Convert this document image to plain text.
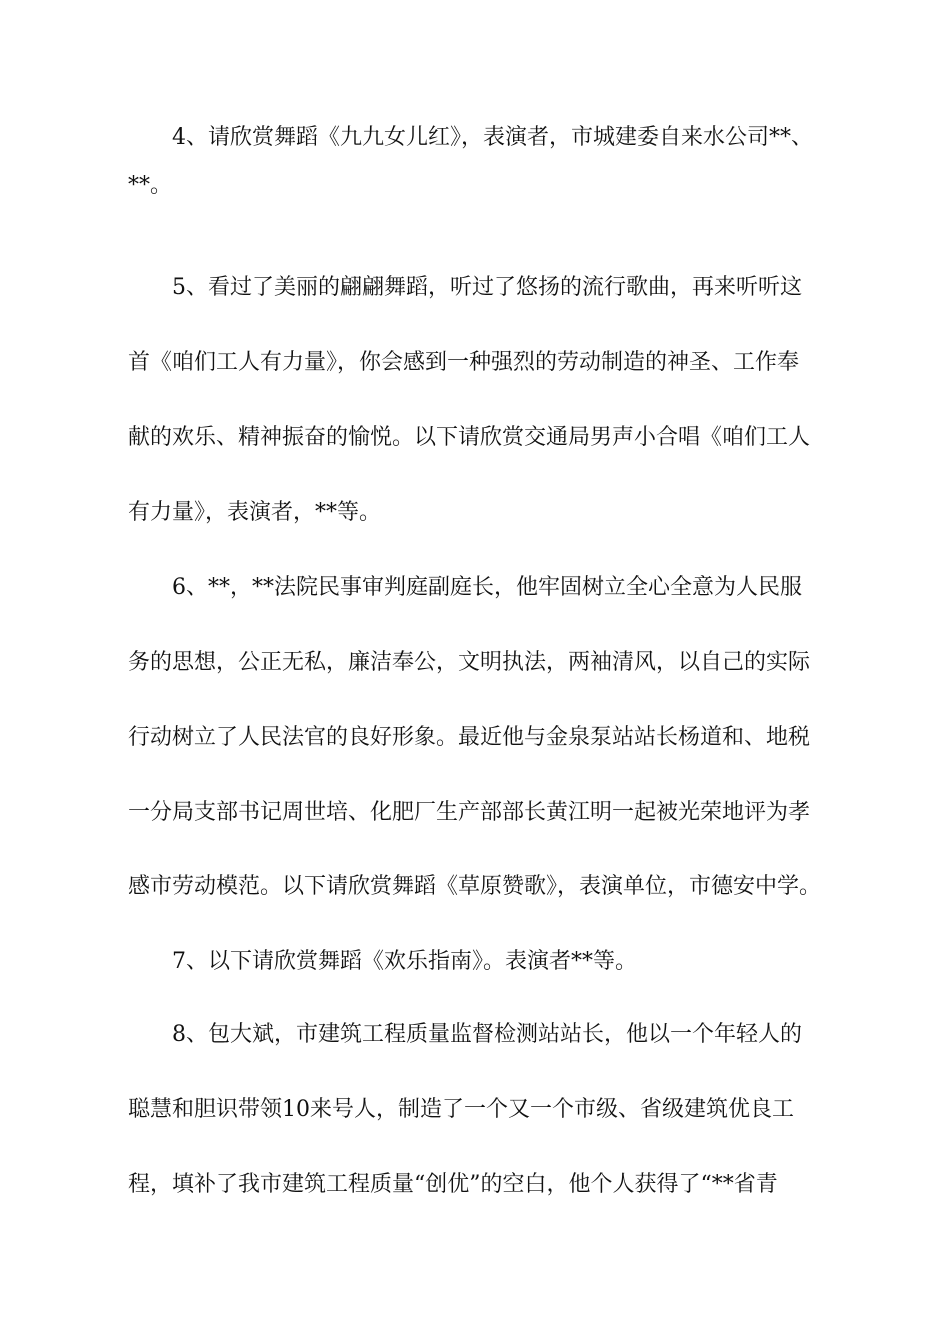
4、请欣赏舞蹈《九九女儿红》，表演者，市城建委自来水公司**、
**。
5、看过了美丽的翩翩舞蹈，听过了悠扬的流行歌曲，再来听听这
首《咱们工人有力量》，你会感到一种强烈的劳动制造的神圣、工作奉
献的欢乐、精神振奋的愉悦。以下请欣赏交通局男声小合唱《咱们工人
有力量》，表演者，**等。
6、**，**法院民事审判庭副庭长，他牢固树立全心全意为人民服
务的思想，公正无私，廉洁奉公，文明执法，两袖清风，以自己的实际
行动树立了人民法官的良好形象。最近他与金泉泵站站长杨道和、地税
一分局支部书记周世培、化肥厂生产部部长黄江明一起被光荣地评为孝
感市劳动模范。以下请欣赏舞蹈《草原赞歌》，表演单位，市德安中学。
7、以下请欣赏舞蹈《欢乐指南》。表演者**等。
8、包大斌，市建筑工程质量监督检测站站长，他以一个年轻人的
聪慧和胆识带领10来号人，制造了一个又一个市级、省级建筑优良工
程，填补了我市建筑工程质量“创优”的空白，他个人获得了“**省青
